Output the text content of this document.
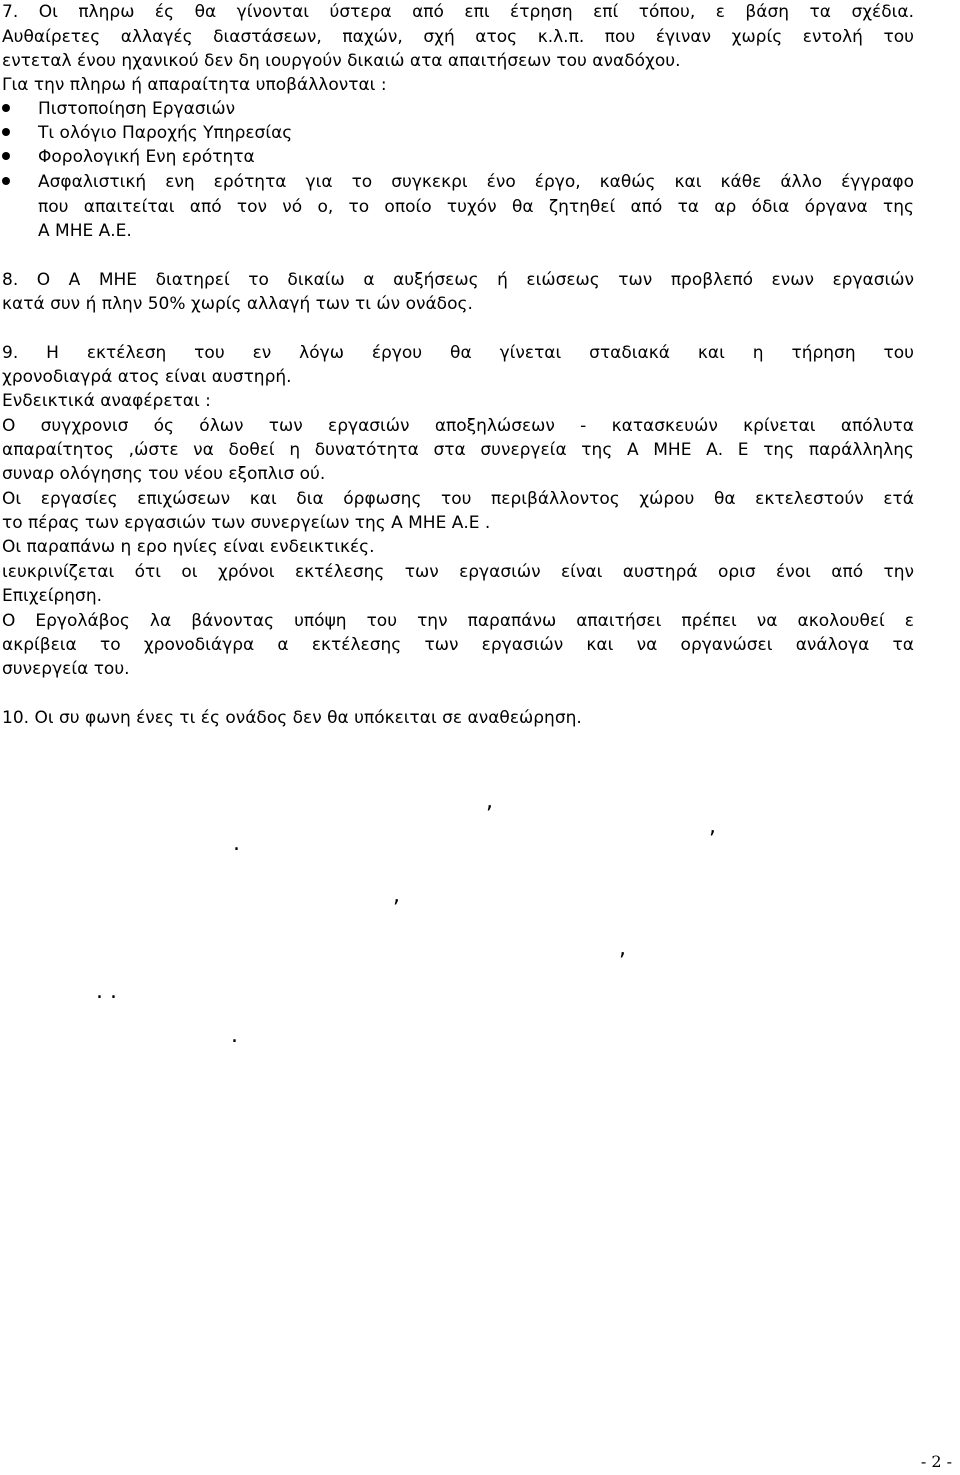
7. Οι πληρω ές θα γίνονται ύστερα από επι έτρηση επί τόπου, ε βάση τα σχέδια.
Αυθαίρετες αλλαγές διαστάσεων, παχών, σχή ατος κ.λ.π. που έγιναν χωρίς εντολή του
εντεταλ ένου ηχανικού δεν δη ιουργούν δικαιώ ατα απαιτήσεων του αναδόχου.
Για την πληρω ή απαραίτητα υποβάλλονται :
Πιστοποίηση Εργασιών
Τι ολόγιο Παροχής Υπηρεσίας
Φορολογική Ενη ερότητα
Ασφαλιστική ενη ερότητα για το συγκεκρι ένο έργο, καθώς και κάθε άλλο έγγραφο
που απαιτείται από τον νό ο, το οποίο τυχόν θα ζητηθεί από τα αρ όδια όργανα της
Α ΜΗΕ Α.Ε.
8. Ο Α ΜΗΕ διατηρεί το δικαίω α αυξήσεως ή ειώσεως των προβλεπό ενων εργασιών
κατά συν ή πλην 50% χωρίς αλλαγή των τι ών ονάδος.
9. Η εκτέλεση του εν λόγω έργου θα γίνεται σταδιακά και η τήρηση του
χρονοδιαγρά ατος είναι αυστηρή.
Ενδεικτικά αναφέρεται :
Ο συγχρονισ ός όλων των εργασιών αποξηλώσεων - κατασκευών κρίνεται απόλυτα
απαραίτητος ,ώστε να δοθεί η δυνατότητα στα συνεργεία της Α ΜΗΕ Α. Ε της παράλληλης
συναρ ολόγησης του νέου εξοπλισ ού.
Οι εργασίες επιχώσεων και δια όρφωσης του περιβάλλοντος χώρου θα εκτελεστούν ετά
το πέρας των εργασιών των συνεργείων της Α ΜΗΕ Α.Ε .
Οι παραπάνω η ερο ηνίες είναι ενδεικτικές.
ιευκρινίζεται ότι οι χρόνοι εκτέλεσης των εργασιών είναι αυστηρά ορισ ένοι από την
Επιχείρηση.
Ο Εργολάβος λα βάνοντας υπόψη του την παραπάνω απαιτήσει πρέπει να ακολουθεί ε
ακρίβεια το χρονοδιάγρα α εκτέλεσης των εργασιών και να οργανώσει ανάλογα τα
συνεργεία του.
10. Οι συ φωνη ένες τι ές ονάδος δεν θα υπόκειται σε αναθεώρηση.
,
,
.
,
,
. .
.
- 2 -
